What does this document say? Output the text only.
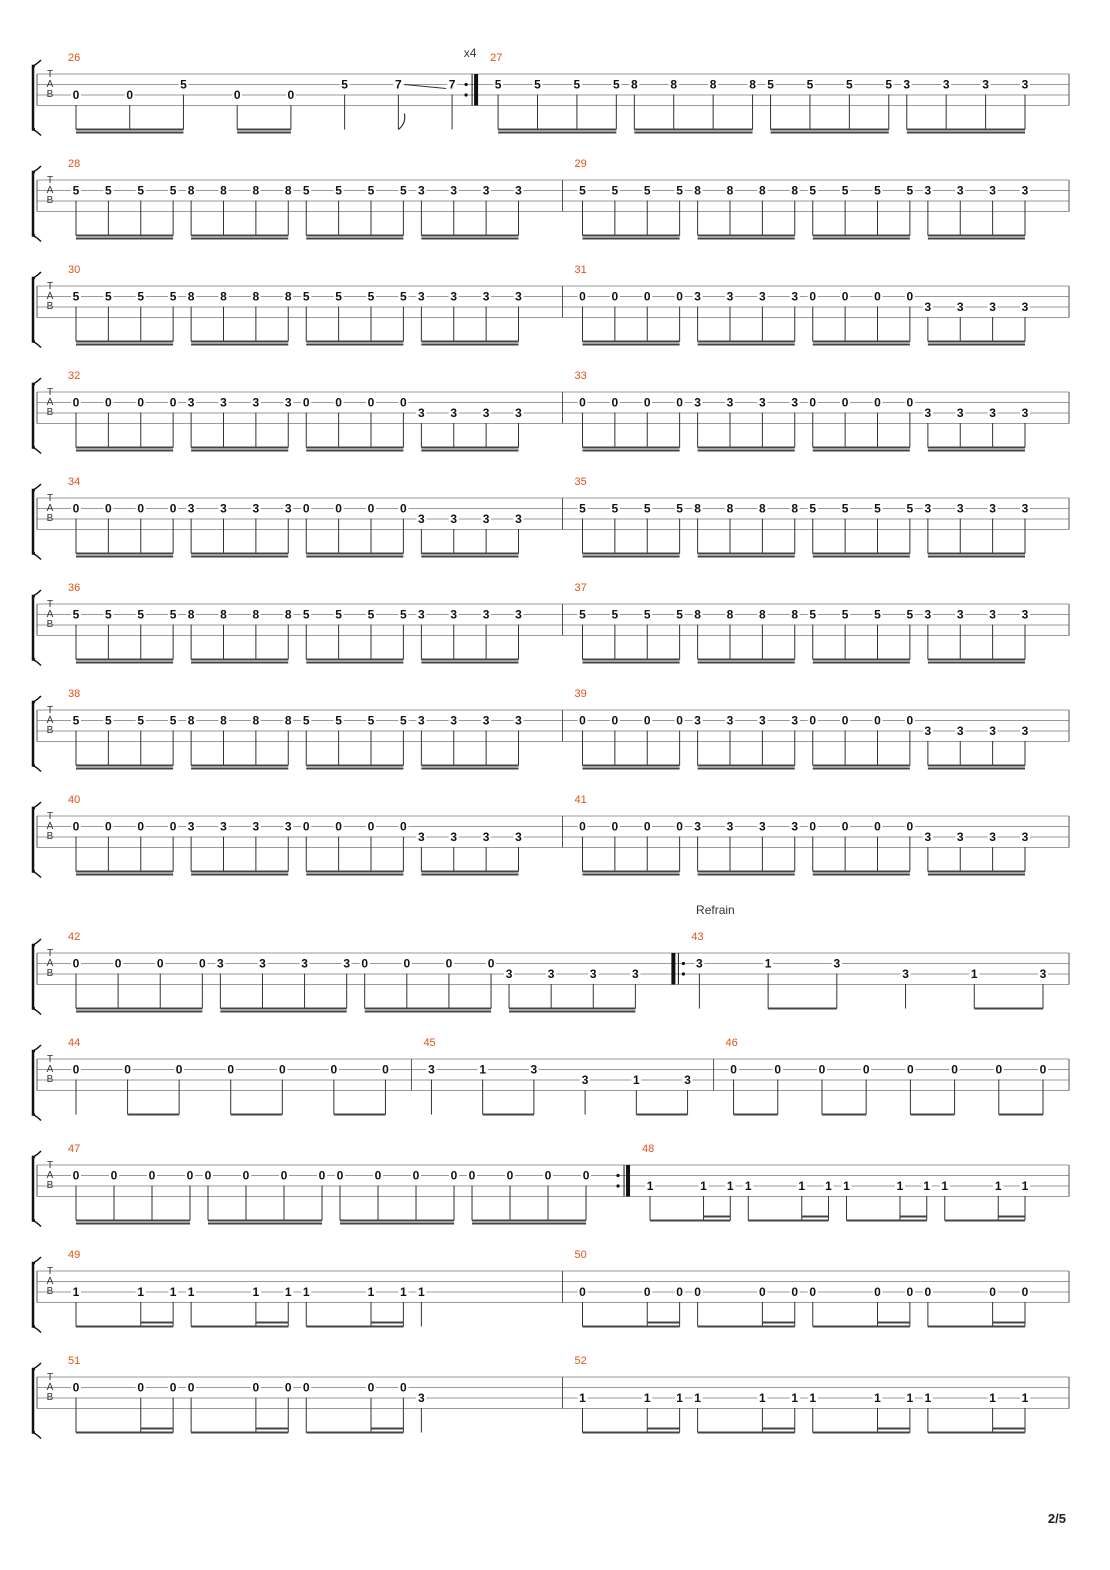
T
A
B
26	x4
0	0
5
0	0
5	7	7
27
5	5	5	5 8	8	8	8 5	5	5	5 3	3	3	3
T
A
B
28
5 5 5 5 8 8 8 8 5 5 5 5 3 3 3 3
29
5 5 5 5 8 8 8 8 5 5 5 5 3 3 3 3
T
A
B
30
5 5 5 5 8 8 8 8 5 5 5 5 3 3 3 3
31
0 0 0 0 3 3 3 3 0 0 0 0
3 3 3 3
T
A
B
32
0 0 0 0 3 3 3 3 0 0 0 0
3 3 3 3
33
0 0 0 0 3 3 3 3 0 0 0 0
3 3 3 3
T
A
B
34
0 0 0 0 3 3 3 3 0 0 0 0
3 3 3 3
35
5 5 5 5 8 8 8 8 5 5 5 5 3 3 3 3
T
A
B
36
5 5 5 5 8 8 8 8 5 5 5 5 3 3 3 3
37
5 5 5 5 8 8 8 8 5 5 5 5 3 3 3 3
T
A
B
38
5 5 5 5 8 8 8 8 5 5 5 5 3 3 3 3
39
0 0 0 0 3 3 3 3 0 0 0 0
3 3 3 3
T
A
B
40
0 0 0 0 3 3 3 3 0 0 0 0
3 3 3 3
41
0 0 0 0 3 3 3 3 0 0 0 0
3 3 3 3
T
A
B
42
0	0	0	0 3	3	3	3 0	0	0	0
3	3	3	3
43
Refrain
3	1	3
3	1	3
T
A
B
44
0	0	0	0	0	0	0
45
3	1	3
3	1	3
46
0	0	0	0	0	0	0	0
T
A
B
47
0	0	0	0 0	0	0	0 0	0	0	0 0	0	0	0
48
1	1 1 1	1 1 1	1 1 1	1 1
T
A
B
49
1	1 1 1	1 1 1	1 1 1
50
0	0 0 0	0 0 0	0 0 0	0 0
T
A
B
51
0	0 0 0	0 0 0	0 0
3
52
1	1 1 1	1 1 1	1 1 1	1 1
2/5
